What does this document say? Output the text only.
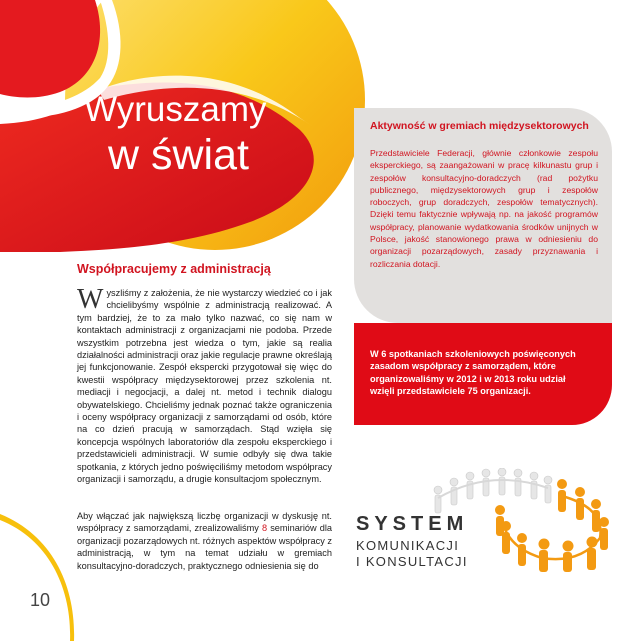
Wyruszamy
w świat
Współpracujemy z administracją

Wyszliśmy z założenia, że nie wystarczy wiedzieć co i jak chcielibyśmy wspólnie z administracją realizować. A tym bardziej, że to za mało tylko nazwać, co się nam w kontaktach administracji z organizacjami nie podoba. Przede wszystkim potrzebna jest wiedza o tym, jakie są realia działalności administracji oraz jakie regulacje prawne określają jej funkcjonowanie. Zespół ekspercki przygotował się więc do kwestii współpracy międzysektorowej przez szkolenia nt. mediacji i negocjacji, a dalej nt. metod i technik dialogu obywatelskiego. Chcieliśmy jednak poznać także ograniczenia i oceny współpracy organizacji z samorządami od osób, które na co dzień pracują w samorządach. Stąd wzięła się koncepcja wspólnych laboratoriów dla zespołu eksperckiego i przedstawicieli administracji. W sumie odbyły się dwa takie spotkania, z których jedno poświęciliśmy metodom współpracy organizacji i samorządu, a drugie konsultacjom społecznym.

Aby włączać jak największą liczbę organizacji w dyskusję nt. współpracy z samorządami, zrealizowaliśmy 8 seminariów dla organizacji pozarządowych nt. różnych aspektów współpracy z administracją, w tym na temat udziału w gremiach konsultacyjno-doradczych, praktycznego odniesienia się do

Aktywność w gremiach międzysektorowych

Przedstawiciele Federacji, głównie członkowie zespołu eksperckiego, są zaangażowani w pracę kilkunastu grup i zespołów konsultacyjno-doradczych (rad pożytku publicznego, międzysektorowych grup i zespołów roboczych, grup doradczych, zespołów tematycznych). Dzięki temu faktycznie wpływają np. na jakość programów współpracy, planowanie wydatkowania środków unijnych w Polsce, jakość stanowionego prawa w odniesieniu do organizacji pozarządowych, zasady przyznawania i rozliczania dotacji.

W 6 spotkaniach szkoleniowych poświęconych zasadom współpracy z samorządem, które organizowaliśmy w 2012 i w 2013 roku udział wzięli przedstawiciele 75 organizacji.

SYSTEM

KOMUNIKACJI

I KONSULTACJI

10
